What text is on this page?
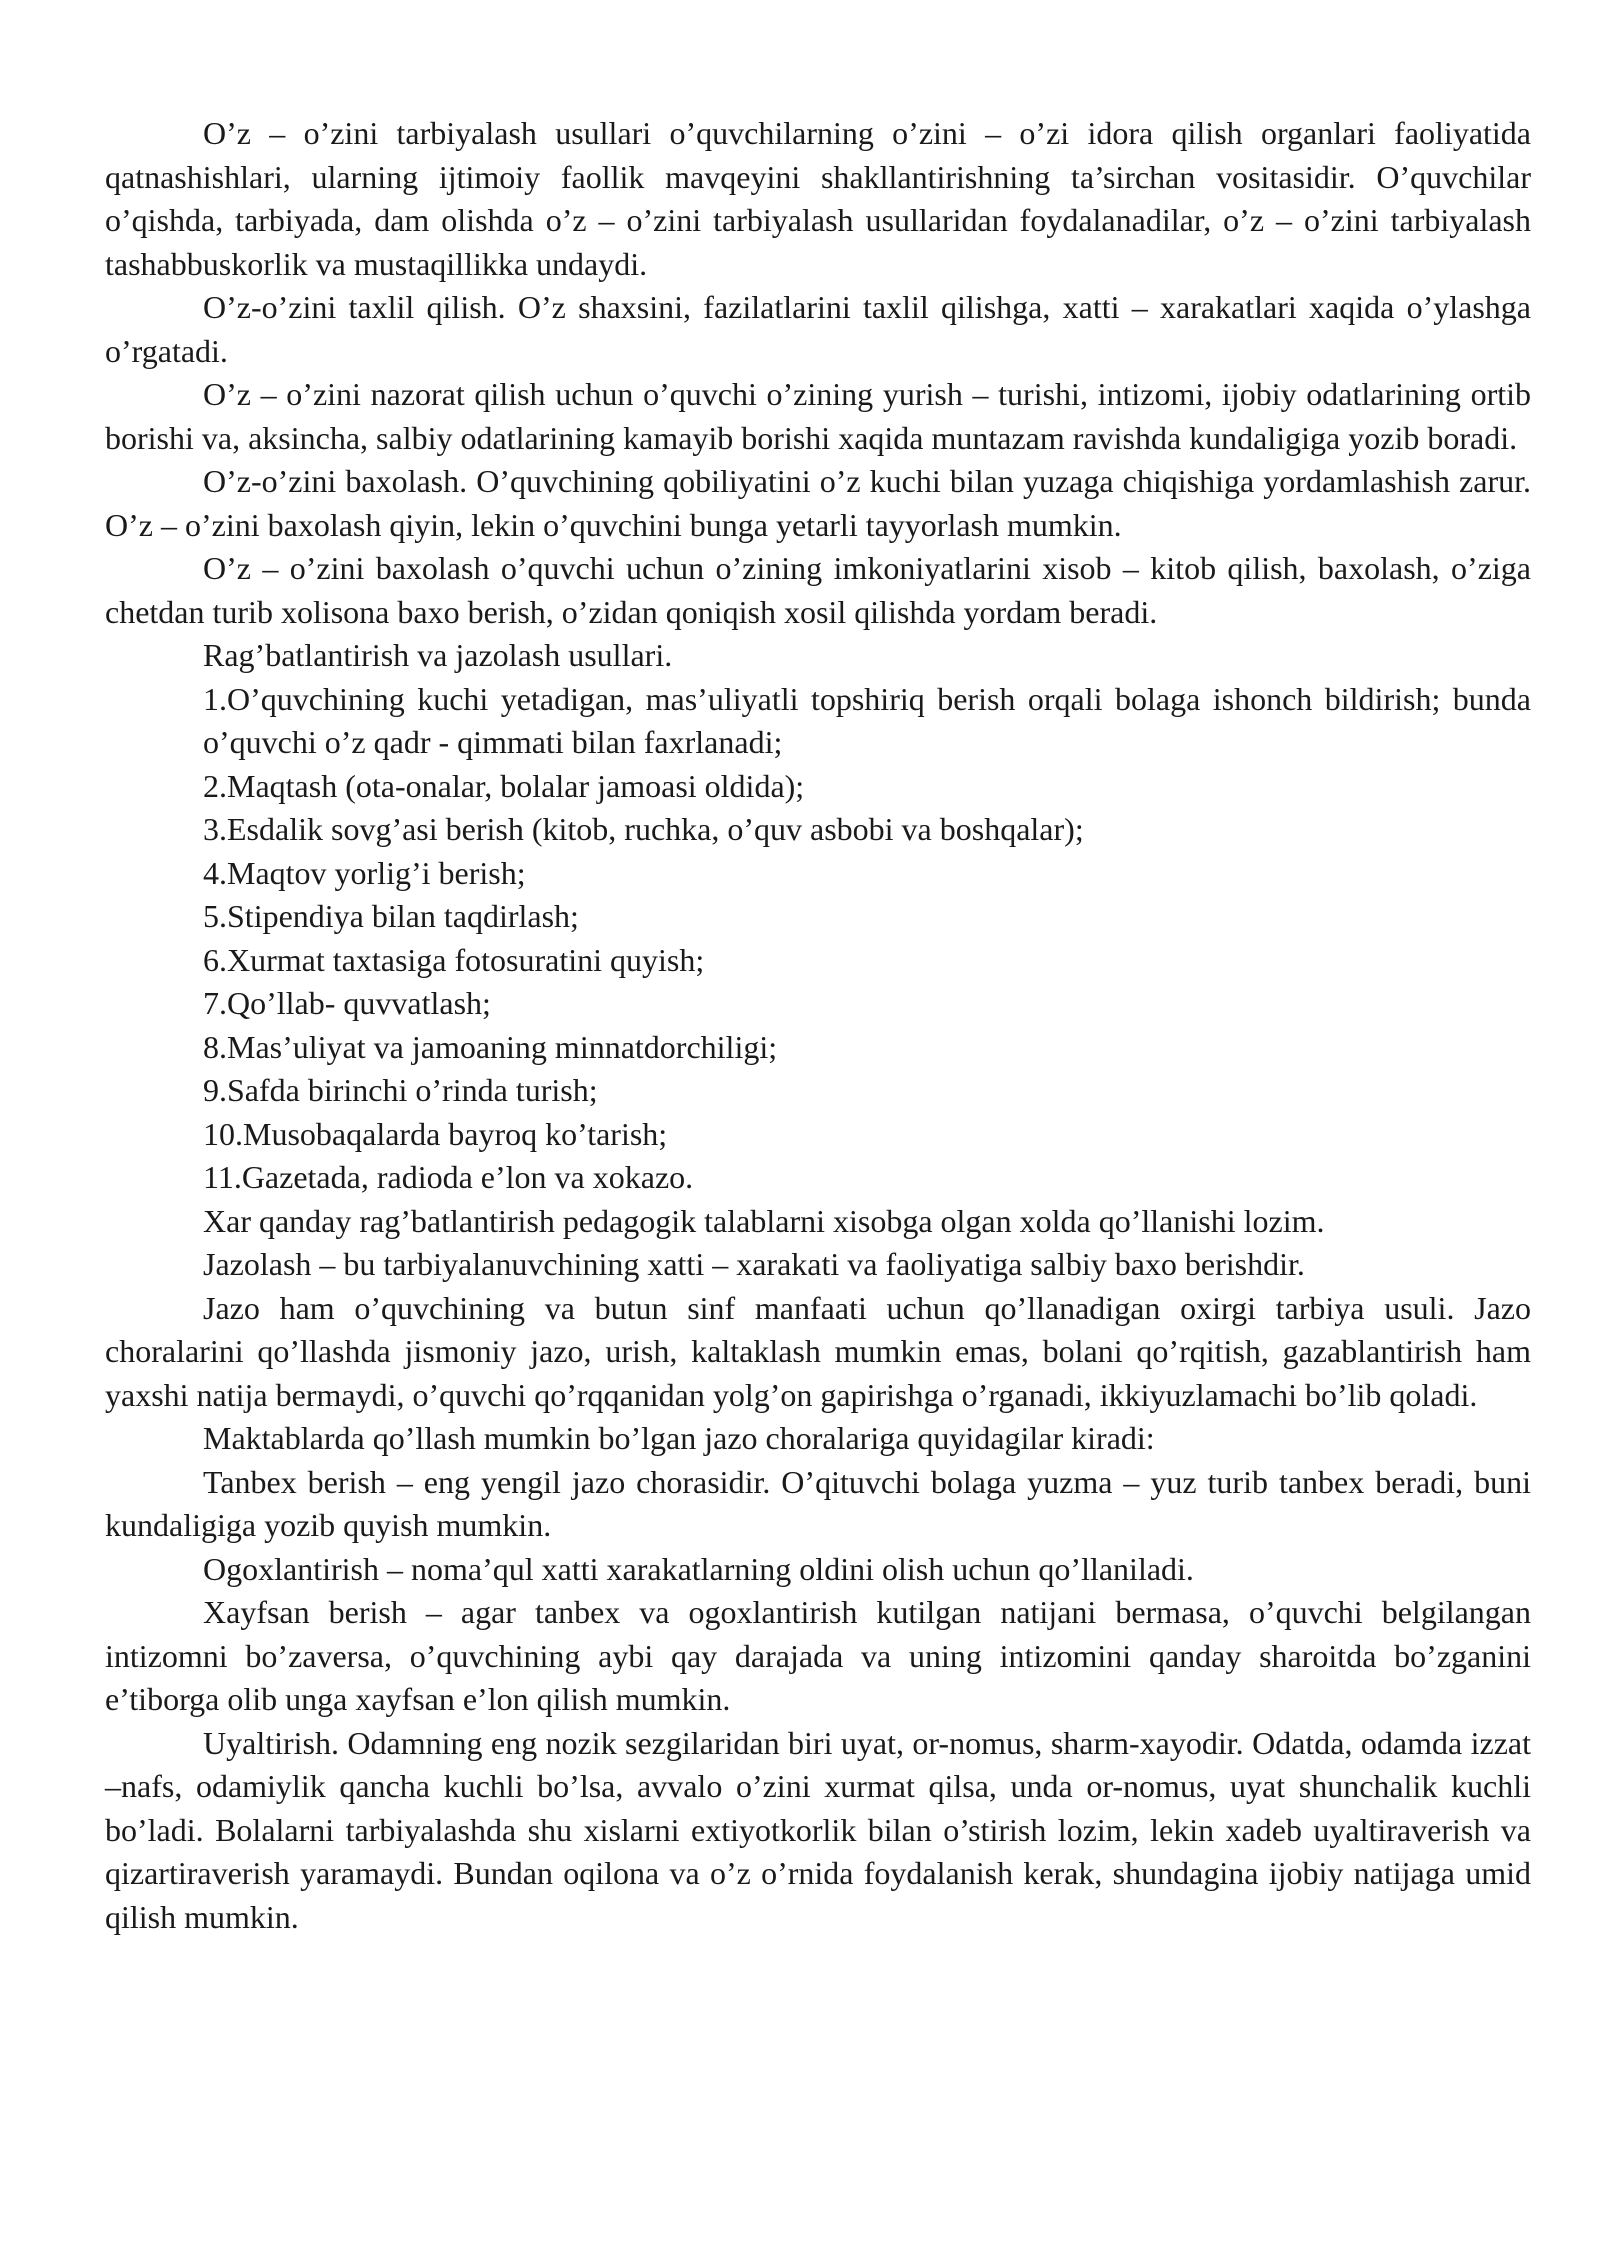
O’z – o’zini tarbiyalash usullari o’quvchilarning o’zini – o’zi idora qilish organlari faoliyatida qatnashishlari, ularning ijtimoiy faollik mavqeyini shakllantirishning ta’sirchan vositasidir. O’quvchilar o’qishda, tarbiyada, dam olishda o’z – o’zini tarbiyalash usullaridan foydalanadilar, o’z – o’zini tarbiyalash tashabbuskorlik va mustaqillikka undaydi.

O’z-o’zini taxlil qilish. O’z shaxsini, fazilatlarini taxlil qilishga, xatti – xarakatlari xaqida o’ylashga o’rgatadi.

O’z – o’zini nazorat qilish uchun o’quvchi o’zining yurish – turishi, intizomi, ijobiy odatlarining ortib borishi va, aksincha, salbiy odatlarining kamayib borishi xaqida muntazam ravishda kundaligiga yozib boradi.

O’z-o’zini baxolash. O’quvchining qobiliyatini o’z kuchi bilan yuzaga chiqishiga yordamlashish zarur. O’z – o’zini baxolash qiyin, lekin o’quvchini bunga yetarli tayyorlash mumkin.

O’z – o’zini baxolash o’quvchi uchun o’zining imkoniyatlarini xisob – kitob qilish, baxolash, o’ziga chetdan turib xolisona baxo berish, o’zidan qoniqish xosil qilishda yordam beradi.

Rag’batlantirish va jazolash usullari.

1.O’quvchining kuchi yetadigan, mas’uliyatli topshiriq berish orqali bolaga ishonch bildirish; bunda o’quvchi o’z qadr - qimmati bilan faxrlanadi;

2.Maqtash (ota-onalar, bolalar jamoasi oldida);

3.Esdalik sovg’asi berish (kitob, ruchka, o’quv asbobi va boshqalar);

4.Maqtov yorlig’i berish;

5.Stipendiya bilan taqdirlash;

6.Xurmat taxtasiga fotosuratini quyish;

7.Qo’llab- quvvatlash;

8.Mas’uliyat va jamoaning minnatdorchiligi;

9.Safda birinchi o’rinda turish;

10.Musobaqalarda bayroq ko’tarish;

11.Gazetada, radioda e’lon va xokazo.

Xar qanday rag’batlantirish pedagogik talablarni xisobga olgan xolda qo’llanishi lozim.

Jazolash – bu tarbiyalanuvchining xatti – xarakati va faoliyatiga salbiy baxo berishdir.

Jazo ham o’quvchining va butun sinf manfaati uchun qo’llanadigan oxirgi tarbiya usuli. Jazo choralarini qo’llashda jismoniy jazo, urish, kaltaklash mumkin emas, bolani qo’rqitish, gazablantirish ham yaxshi natija bermaydi, o’quvchi qo’rqqanidan yolg’on gapirishga o’rganadi, ikkiyuzlamachi bo’lib qoladi.

Maktablarda qo’llash mumkin bo’lgan jazo choralariga quyidagilar kiradi:

Tanbex berish – eng yengil jazo chorasidir. O’qituvchi bolaga yuzma – yuz turib tanbex beradi, buni kundaligiga yozib quyish mumkin.

Ogoxlantirish – noma’qul xatti xarakatlarning oldini olish uchun qo’llaniladi.

Xayfsan berish – agar tanbex va ogoxlantirish kutilgan natijani bermasa, o’quvchi belgilangan intizomni bo’zaversa, o’quvchining aybi qay darajada va uning intizomini qanday sharoitda bo’zganini e’tiborga olib unga xayfsan e’lon qilish mumkin.

Uyaltirish. Odamning eng nozik sezgilaridan biri uyat, or-nomus, sharm-xayodir. Odatda, odamda izzat –nafs, odamiylik qancha kuchli bo’lsa, avvalo o’zini xurmat qilsa, unda or-nomus, uyat shunchalik kuchli bo’ladi. Bolalarni tarbiyalashda shu xislarni extiyotkorlik bilan o’stirish lozim, lekin xadeb uyaltiraverish va qizartiraverish yaramaydi. Bundan oqilona va o’z o’rnida foydalanish kerak, shundagina ijobiy natijaga umid qilish mumkin.
